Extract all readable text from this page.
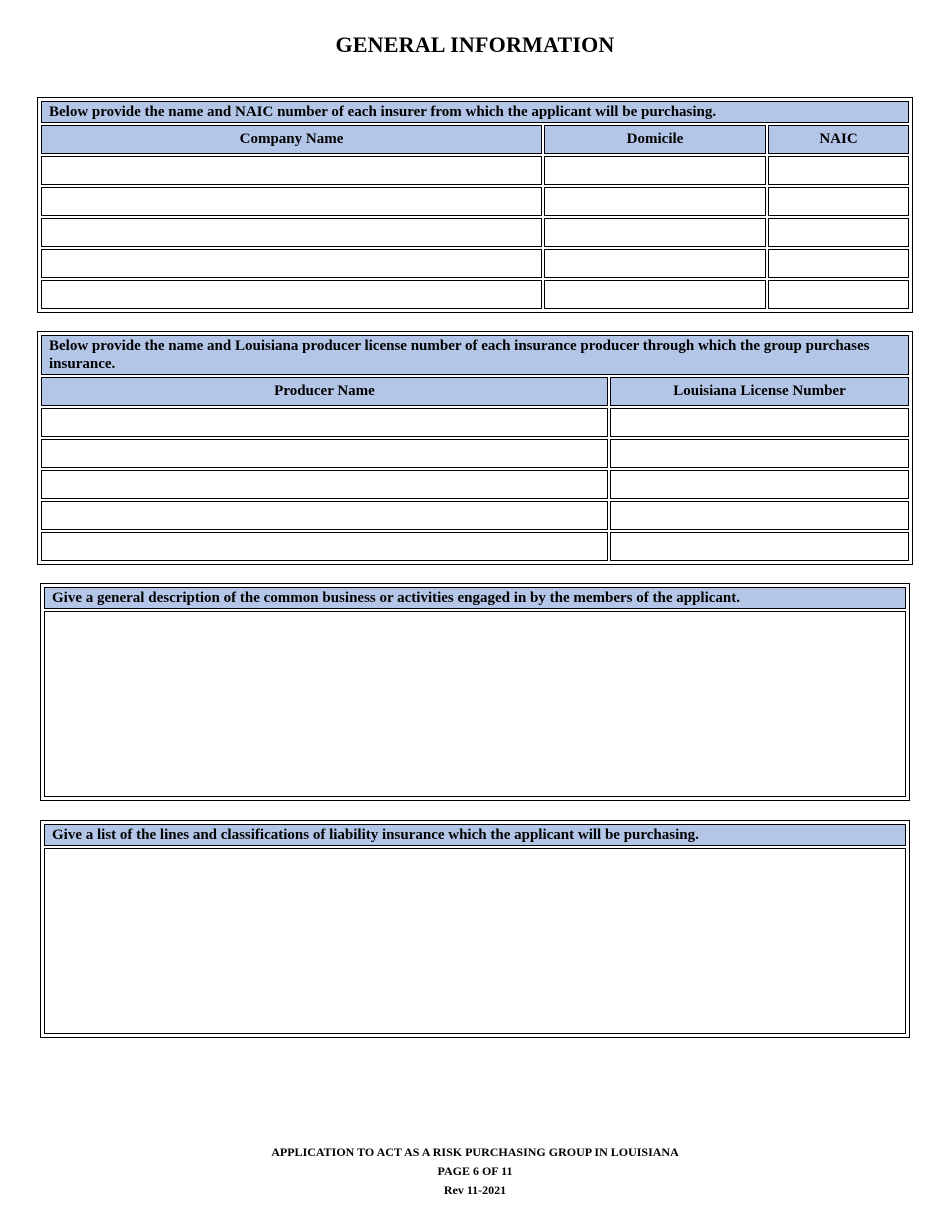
GENERAL INFORMATION
Below provide the name and NAIC number of each insurer from which the applicant will be purchasing.		
Company Name	Domicile	NAIC

Below provide the name and Louisiana producer license number of each insurance producer through which the group purchases insurance.	
Producer Name	Louisiana License Number

Give a general description of the common business or activities engaged in by the members of the applicant.

Give a list of the lines and classifications of liability insurance which the applicant will be purchasing.

APPLICATION TO ACT AS A RISK PURCHASING GROUP IN LOUISIANA
PAGE 6 OF 11
Rev 11-2021
